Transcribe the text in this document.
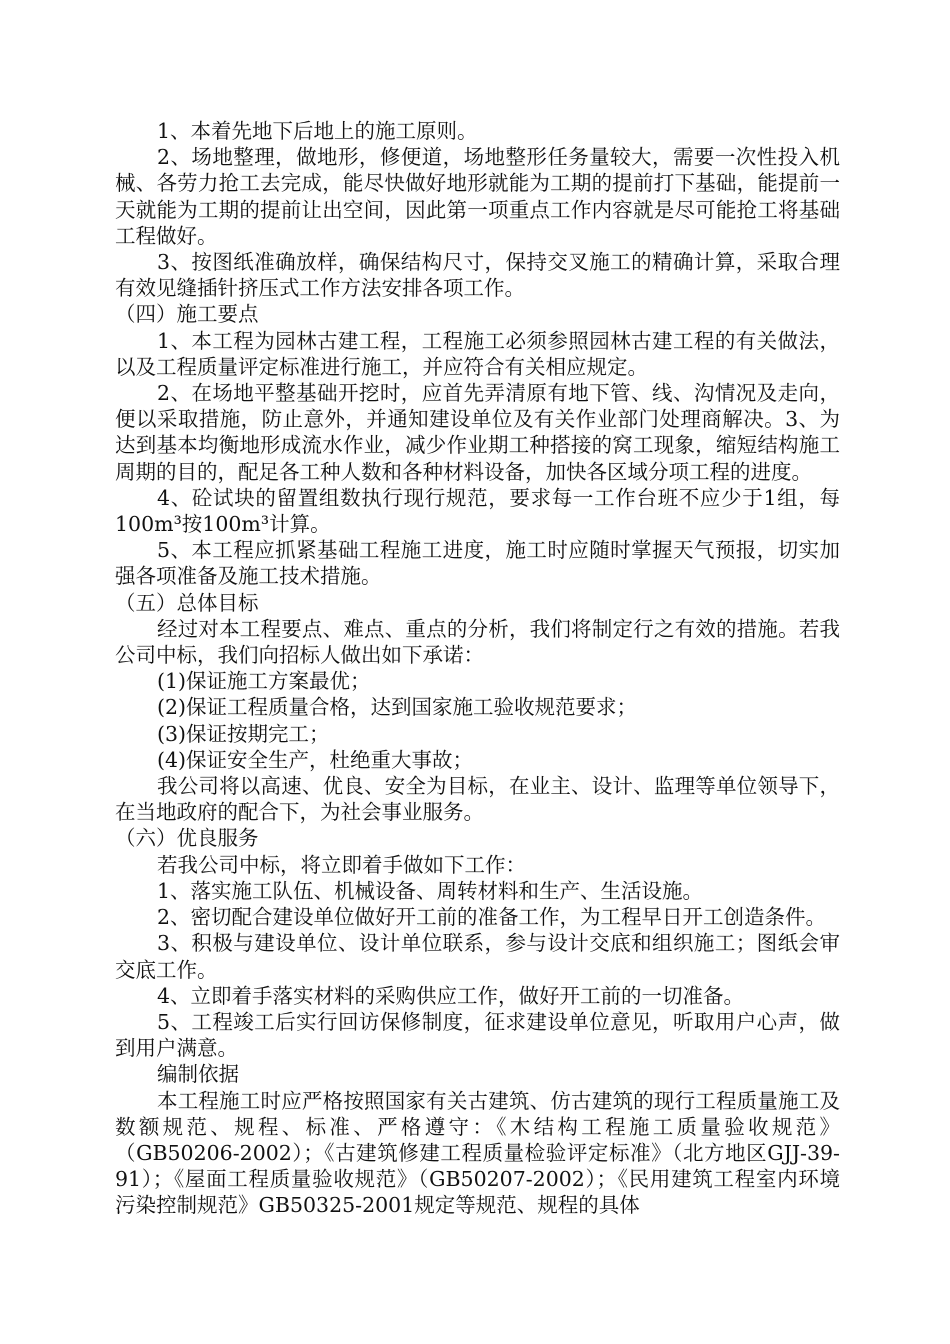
1、本着先地下后地上的施工原则。

2、场地整理，做地形，修便道，场地整形任务量较大，需要一次性投入机械、各劳力抢工去完成，能尽快做好地形就能为工期的提前打下基础，能提前一天就能为工期的提前让出空间，因此第一项重点工作内容就是尽可能抢工将基础工程做好。

3、按图纸准确放样，确保结构尺寸，保持交叉施工的精确计算，采取合理有效见缝插针挤压式工作方法安排各项工作。

（四）施工要点

1、本工程为园林古建工程，工程施工必须参照园林古建工程的有关做法，以及工程质量评定标准进行施工，并应符合有关相应规定。

2、在场地平整基础开挖时，应首先弄清原有地下管、线、沟情况及走向，便以采取措施，防止意外，并通知建设单位及有关作业部门处理商解决。3、为达到基本均衡地形成流水作业，减少作业期工种搭接的窝工现象，缩短结构施工周期的目的，配足各工种人数和各种材料设备，加快各区域分项工程的进度。

4、砼试块的留置组数执行现行规范，要求每一工作台班不应少于1组，每100m³按100m³计算。

5、本工程应抓紧基础工程施工进度，施工时应随时掌握天气预报，切实加强各项准备及施工技术措施。

（五）总体目标

经过对本工程要点、难点、重点的分析，我们将制定行之有效的措施。若我公司中标，我们向招标人做出如下承诺：

(1)保证施工方案最优；

(2)保证工程质量合格，达到国家施工验收规范要求；

(3)保证按期完工；

(4)保证安全生产，杜绝重大事故；

我公司将以高速、优良、安全为目标，在业主、设计、监理等单位领导下，在当地政府的配合下，为社会事业服务。

（六）优良服务

若我公司中标，将立即着手做如下工作：

1、落实施工队伍、机械设备、周转材料和生产、生活设施。

2、密切配合建设单位做好开工前的准备工作，为工程早日开工创造条件。

3、积极与建设单位、设计单位联系，参与设计交底和组织施工；图纸会审交底工作。

4、立即着手落实材料的采购供应工作，做好开工前的一切准备。

5、工程竣工后实行回访保修制度，征求建设单位意见，听取用户心声，做到用户满意。

编制依据

本工程施工时应严格按照国家有关古建筑、仿古建筑的现行工程质量施工及数额规范、规程、标准、严格遵守：《木结构工程施工质量验收规范》（GB50206-2002）；《古建筑修建工程质量检验评定标准》（北方地区GJJ-39-91）；《屋面工程质量验收规范》（GB50207-2002）；《民用建筑工程室内环境污染控制规范》GB50325-2001规定等规范、规程的具体
